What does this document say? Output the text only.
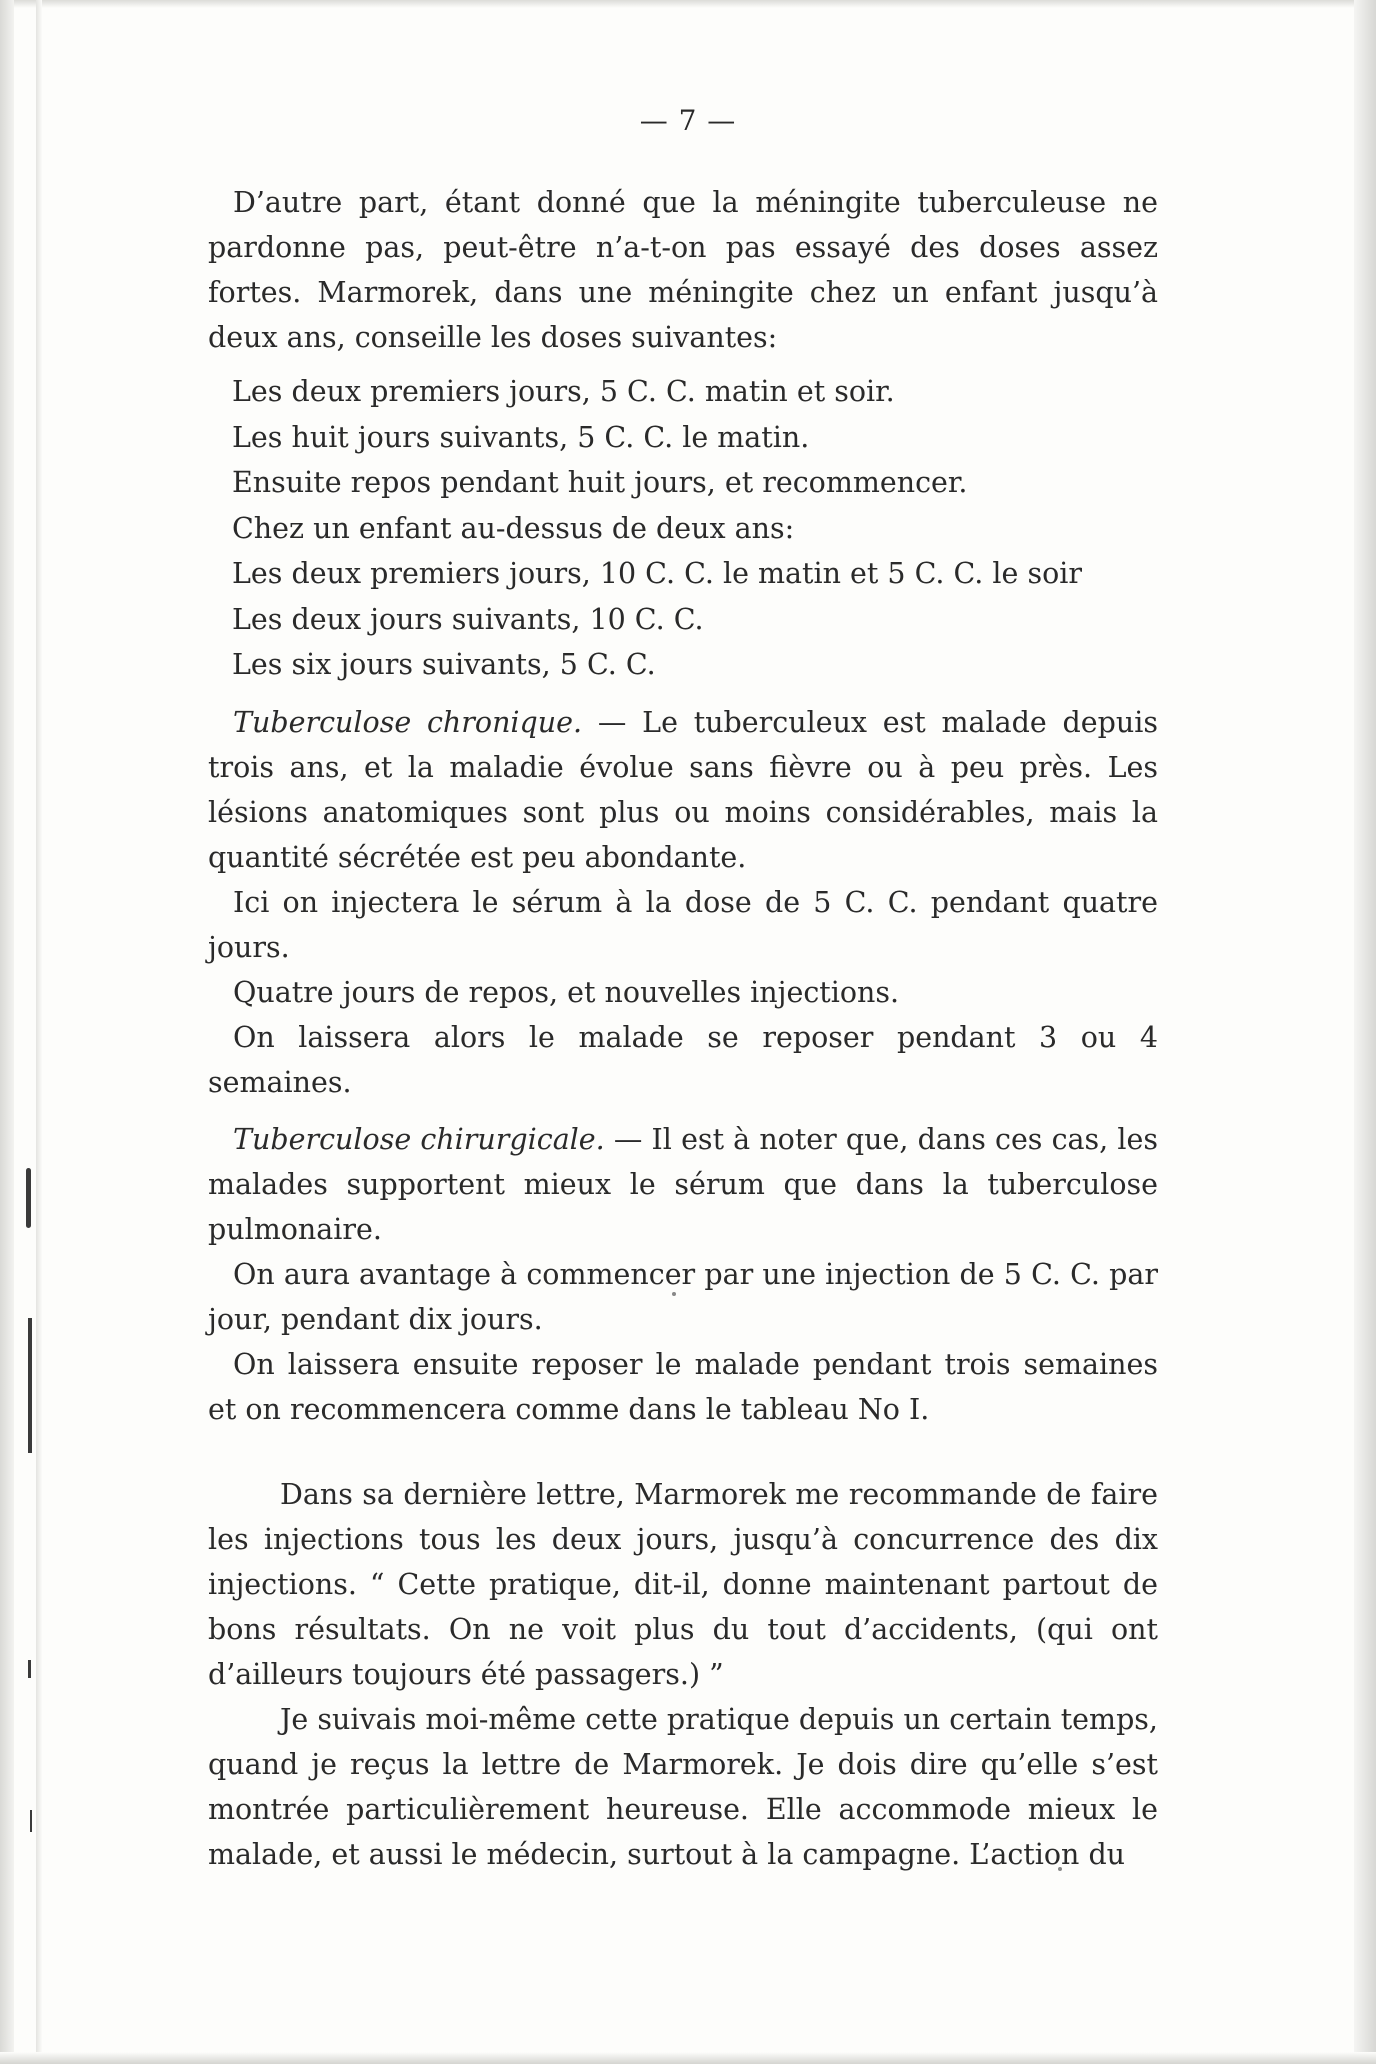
— 7 —

D’autre part, étant donné que la méningite tuberculeuse ne pardonne pas, peut-être n’a-t-on pas essayé des doses assez fortes. Marmorek, dans une méningite chez un enfant jusqu’à deux ans, conseille les doses suivantes:

Les deux premiers jours, 5 C. C. matin et soir.

Les huit jours suivants, 5 C. C. le matin.

Ensuite repos pendant huit jours, et recommencer.

Chez un enfant au-dessus de deux ans:

Les deux premiers jours, 10 C. C. le matin et 5 C. C. le soir

Les deux jours suivants, 10 C. C.

Les six jours suivants, 5 C. C.

Tuberculose chronique. — Le tuberculeux est malade depuis trois ans, et la maladie évolue sans fièvre ou à peu près. Les lésions anatomiques sont plus ou moins considérables, mais la quantité sécrétée est peu abondante.

Ici on injectera le sérum à la dose de 5 C. C. pendant quatre jours.

Quatre jours de repos, et nouvelles injections.

On laissera alors le malade se reposer pendant 3 ou 4 semaines.

Tuberculose chirurgicale. — Il est à noter que, dans ces cas, les malades supportent mieux le sérum que dans la tuberculose pulmonaire.

On aura avantage à commencer par une injection de 5 C. C. par jour, pendant dix jours.

On laissera ensuite reposer le malade pendant trois semaines et on recommencera comme dans le tableau No I.

Dans sa dernière lettre, Marmorek me recommande de faire les injections tous les deux jours, jusqu’à concurrence des dix injections. “ Cette pratique, dit-il, donne maintenant partout de bons résultats. On ne voit plus du tout d’accidents, (qui ont d’ailleurs toujours été passagers.) ”

Je suivais moi-même cette pratique depuis un certain temps, quand je reçus la lettre de Marmorek. Je dois dire qu’elle s’est montrée particulièrement heureuse. Elle accommode mieux le malade, et aussi le médecin, surtout à la campagne. L’action du
